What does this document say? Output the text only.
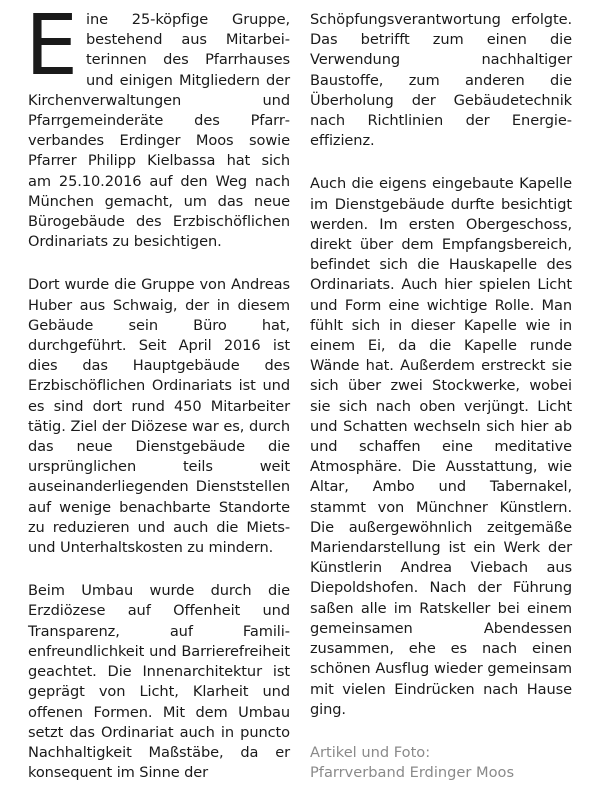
Eine 25-köpfige Gruppe, bestehend aus Mitarbeiterinnen des Pfarrhauses und einigen Mitgliedern der Kirchenverwaltungen und Pfarrgemeinderäte des Pfarrverbandes Erdinger Moos sowie Pfarrer Philipp Kielbassa hat sich am 25.10.2016 auf den Weg nach München gemacht, um das neue Bürogebäude des Erzbischöflichen Ordinariats zu besichtigen.

Dort wurde die Gruppe von Andreas Huber aus Schwaig, der in diesem Gebäude sein Büro hat, durchgeführt. Seit April 2016 ist dies das Hauptgebäude des Erzbischöflichen Ordinariats ist und es sind dort rund 450 Mitarbeiter tätig. Ziel der Diözese war es, durch das neue Dienstgebäude die ursprünglichen teils weit auseinanderliegenden Dienststellen auf wenige benachbarte Standorte zu reduzieren und auch die Miets- und Unterhaltskosten zu mindern.

Beim Umbau wurde durch die Erzdiözese auf Offenheit und Transparenz, auf Familienfreundlichkeit und Barrierefreiheit geachtet. Die Innenarchitektur ist geprägt von Licht, Klarheit und offenen Formen. Mit dem Umbau setzt das Ordinariat auch in puncto Nachhaltigkeit Maßstäbe, da er konsequent im Sinne der

Schöpfungsverantwortung erfolgte. Das betrifft zum einen die Verwendung nachhaltiger Baustoffe, zum anderen die Überholung der Gebäudetechnik nach Richtlinien der Energieeffizienz.

Auch die eigens eingebaute Kapelle im Dienstgebäude durfte besichtigt werden. Im ersten Obergeschoss, direkt über dem Empfangsbereich, befindet sich die Hauskapelle des Ordinariats. Auch hier spielen Licht und Form eine wichtige Rolle. Man fühlt sich in dieser Kapelle wie in einem Ei, da die Kapelle runde Wände hat. Außerdem erstreckt sie sich über zwei Stockwerke, wobei sie sich nach oben verjüngt. Licht und Schatten wechseln sich hier ab und schaffen eine meditative Atmosphäre. Die Ausstattung, wie Altar, Ambo und Tabernakel, stammt von Münchner Künstlern. Die außergewöhnlich zeitgemäße Mariendarstellung ist ein Werk der Künstlerin Andrea Viebach aus Diepoldshofen. Nach der Führung saßen alle im Ratskeller bei einem gemeinsamen Abendessen zusammen, ehe es nach einen schönen Ausflug wieder gemeinsam mit vielen Eindrücken nach Hause ging.

Artikel und Foto:
Pfarrverband Erdinger Moos
